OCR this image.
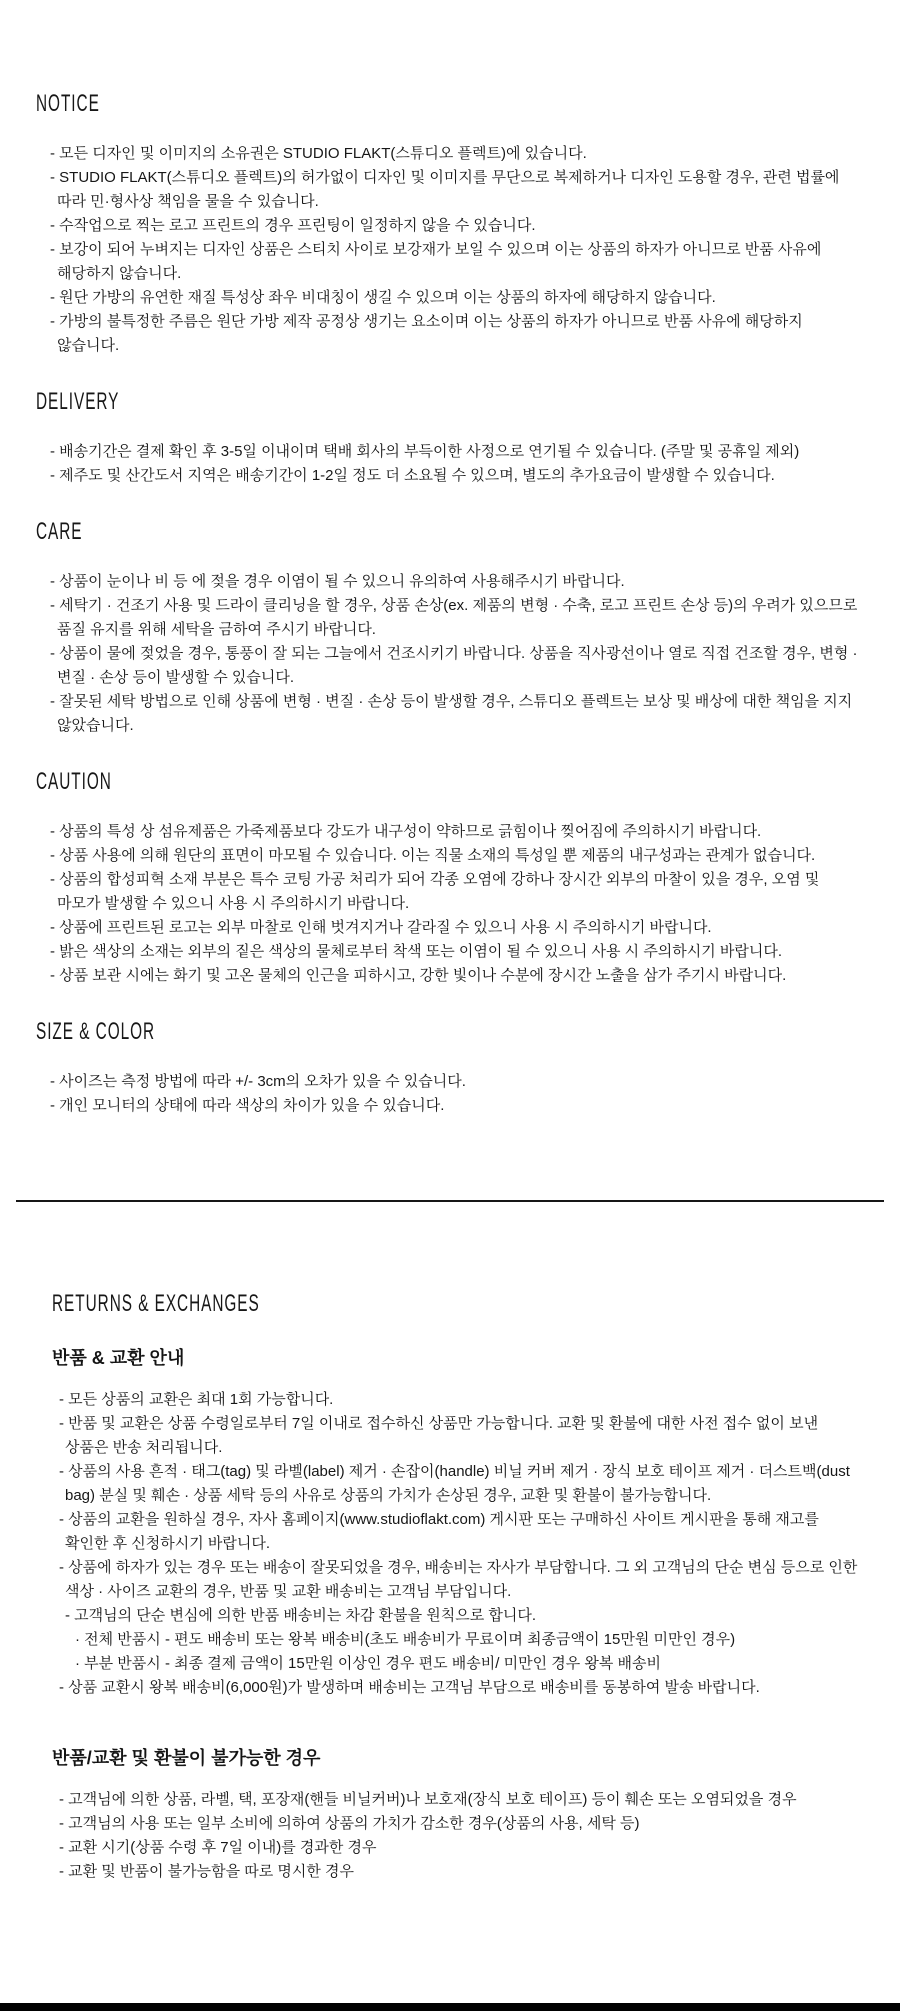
NOTICE

- 모든 디자인 및 이미지의 소유권은 STUDIO FLAKT(스튜디오 플렉트)에 있습니다.

- STUDIO FLAKT(스튜디오 플렉트)의 허가없이 디자인 및 이미지를 무단으로 복제하거나 디자인 도용할 경우, 관련 법률에 따라 민·형사상 책임을 물을 수 있습니다.

- 수작업으로 찍는 로고 프린트의 경우 프린팅이 일정하지 않을 수 있습니다.

- 보강이 되어 누벼지는 디자인 상품은 스티치 사이로 보강재가 보일 수 있으며 이는 상품의 하자가 아니므로 반품 사유에 해당하지 않습니다.

- 원단 가방의 유연한 재질 특성상 좌우 비대칭이 생길 수 있으며 이는 상품의 하자에 해당하지 않습니다.

- 가방의 불특정한 주름은 원단 가방 제작 공정상 생기는 요소이며 이는 상품의 하자가 아니므로 반품 사유에 해당하지 않습니다.

DELIVERY

- 배송기간은 결제 확인 후 3-5일 이내이며 택배 회사의 부득이한 사정으로 연기될 수 있습니다. (주말 및 공휴일 제외)

- 제주도 및 산간도서 지역은 배송기간이 1-2일 정도 더 소요될 수 있으며, 별도의 추가요금이 발생할 수 있습니다.

CARE

- 상품이 눈이나 비 등 에 젖을 경우 이염이 될 수 있으니 유의하여 사용해주시기 바랍니다.

- 세탁기 · 건조기 사용 및 드라이 클리닝을 할 경우, 상품 손상(ex. 제품의 변형 · 수축, 로고 프린트 손상 등)의 우려가 있으므로 품질 유지를 위해 세탁을 금하여 주시기 바랍니다.

- 상품이 물에 젖었을 경우, 통풍이 잘 되는 그늘에서 건조시키기 바랍니다. 상품을 직사광선이나 열로 직접 건조할 경우, 변형 · 변질 · 손상 등이 발생할 수 있습니다.

- 잘못된 세탁 방법으로 인해 상품에 변형 · 변질 · 손상 등이 발생할 경우, 스튜디오 플렉트는 보상 및 배상에 대한 책임을 지지 않았습니다.

CAUTION

- 상품의 특성 상 섬유제품은 가죽제품보다 강도가 내구성이 약하므로 긁힘이나 찢어짐에 주의하시기 바랍니다.

- 상품 사용에 의해 원단의 표면이 마모될 수 있습니다. 이는 직물 소재의 특성일 뿐 제품의 내구성과는 관계가 없습니다.

- 상품의 합성피혁 소재 부분은 특수 코팅 가공 처리가 되어 각종 오염에 강하나 장시간 외부의 마찰이 있을 경우, 오염 및 마모가 발생할 수 있으니 사용 시 주의하시기 바랍니다.

- 상품에 프린트된 로고는 외부 마찰로 인해 벗겨지거나 갈라질 수 있으니 사용 시 주의하시기 바랍니다.

- 밝은 색상의 소재는 외부의 짙은 색상의 물체로부터 착색 또는 이염이 될 수 있으니 사용 시 주의하시기 바랍니다.

- 상품 보관 시에는 화기 및 고온 물체의 인근을 피하시고, 강한 빛이나 수분에 장시간 노출을 삼가 주기시 바랍니다.

SIZE & COLOR

- 사이즈는 측정 방법에 따라 +/- 3cm의 오차가 있을 수 있습니다.

- 개인 모니터의 상태에 따라 색상의 차이가 있을 수 있습니다.

RETURNS & EXCHANGES
반품 & 교환 안내

- 모든 상품의 교환은 최대 1회 가능합니다.

- 반품 및 교환은 상품 수령일로부터 7일 이내로 접수하신 상품만 가능합니다. 교환 및 환불에 대한 사전 접수 없이 보낸 상품은 반송 처리됩니다.

- 상품의 사용 흔적 · 태그(tag) 및 라벨(label) 제거 · 손잡이(handle) 비닐 커버 제거 · 장식 보호 테이프 제거 · 더스트백(dust bag) 분실 및 훼손 · 상품 세탁 등의 사유로 상품의 가치가 손상된 경우, 교환 및 환불이 불가능합니다.

- 상품의 교환을 원하실 경우, 자사 홈페이지(www.studioflakt.com) 게시판 또는 구매하신 사이트 게시판을 통해 재고를 확인한 후 신청하시기 바랍니다.

- 상품에 하자가 있는 경우 또는 배송이 잘못되었을 경우, 배송비는 자사가 부담합니다. 그 외 고객님의 단순 변심 등으로 인한 색상 · 사이즈 교환의 경우, 반품 및 교환 배송비는 고객님 부담입니다.

- 고객님의 단순 변심에 의한 반품 배송비는 차감 환불을 원칙으로 합니다.

· 전체 반품시 - 편도 배송비 또는 왕복 배송비(초도 배송비가 무료이며 최종금액이 15만원 미만인 경우)

· 부분 반품시 - 최종 결제 금액이 15만원 이상인 경우 편도 배송비/ 미만인 경우 왕복 배송비

- 상품 교환시 왕복 배송비(6,000원)가 발생하며 배송비는 고객님 부담으로 배송비를 동봉하여 발송 바랍니다.

반품/교환 및 환불이 불가능한 경우

- 고객님에 의한 상품, 라벨, 택, 포장재(핸들 비닐커버)나 보호재(장식 보호 테이프) 등이 훼손 또는 오염되었을 경우

- 고객님의 사용 또는 일부 소비에 의하여 상품의 가치가 감소한 경우(상품의 사용, 세탁 등)

- 교환 시기(상품 수령 후 7일 이내)를 경과한 경우

- 교환 및 반품이 불가능함을 따로 명시한 경우
